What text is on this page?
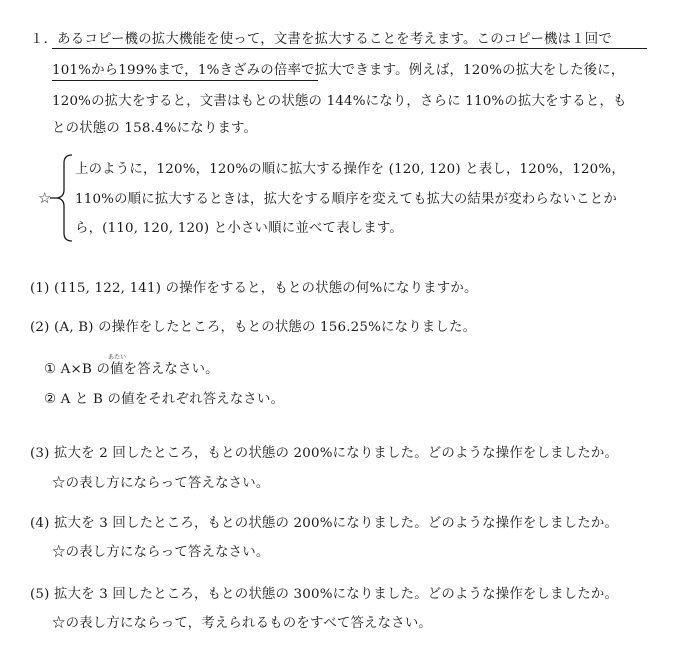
１．あるコピー機の拡大機能を使って，文書を拡大することを考えます。このコピー機は１回で
101%から199%まで，1%きざみの倍率で拡大できます。例えば，120%の拡大をした後に，
120%の拡大をすると，文書はもとの状態の 144%になり，さらに 110%の拡大をすると，も
との状態の 158.4%になります。
☆
上のように，120%，120%の順に拡大する操作を (120, 120) と表し，120%，120%，
110%の順に拡大するときは，拡大をする順序を変えても拡大の結果が変わらないことか
ら，(110, 120, 120) と小さい順に並べて表します。
(1) (115, 122, 141) の操作をすると，もとの状態の何%になりますか。
(2) (A, B) の操作をしたところ，もとの状態の 156.25%になりました。
① A×B の値を答えなさい。
あたい
② A と B の値をそれぞれ答えなさい。
(3) 拡大を 2 回したところ，もとの状態の 200%になりました。どのような操作をしましたか。
☆の表し方にならって答えなさい。
(4) 拡大を 3 回したところ，もとの状態の 200%になりました。どのような操作をしましたか。
☆の表し方にならって答えなさい。
(5) 拡大を 3 回したところ，もとの状態の 300%になりました。どのような操作をしましたか。
☆の表し方にならって，考えられるものをすべて答えなさい。
